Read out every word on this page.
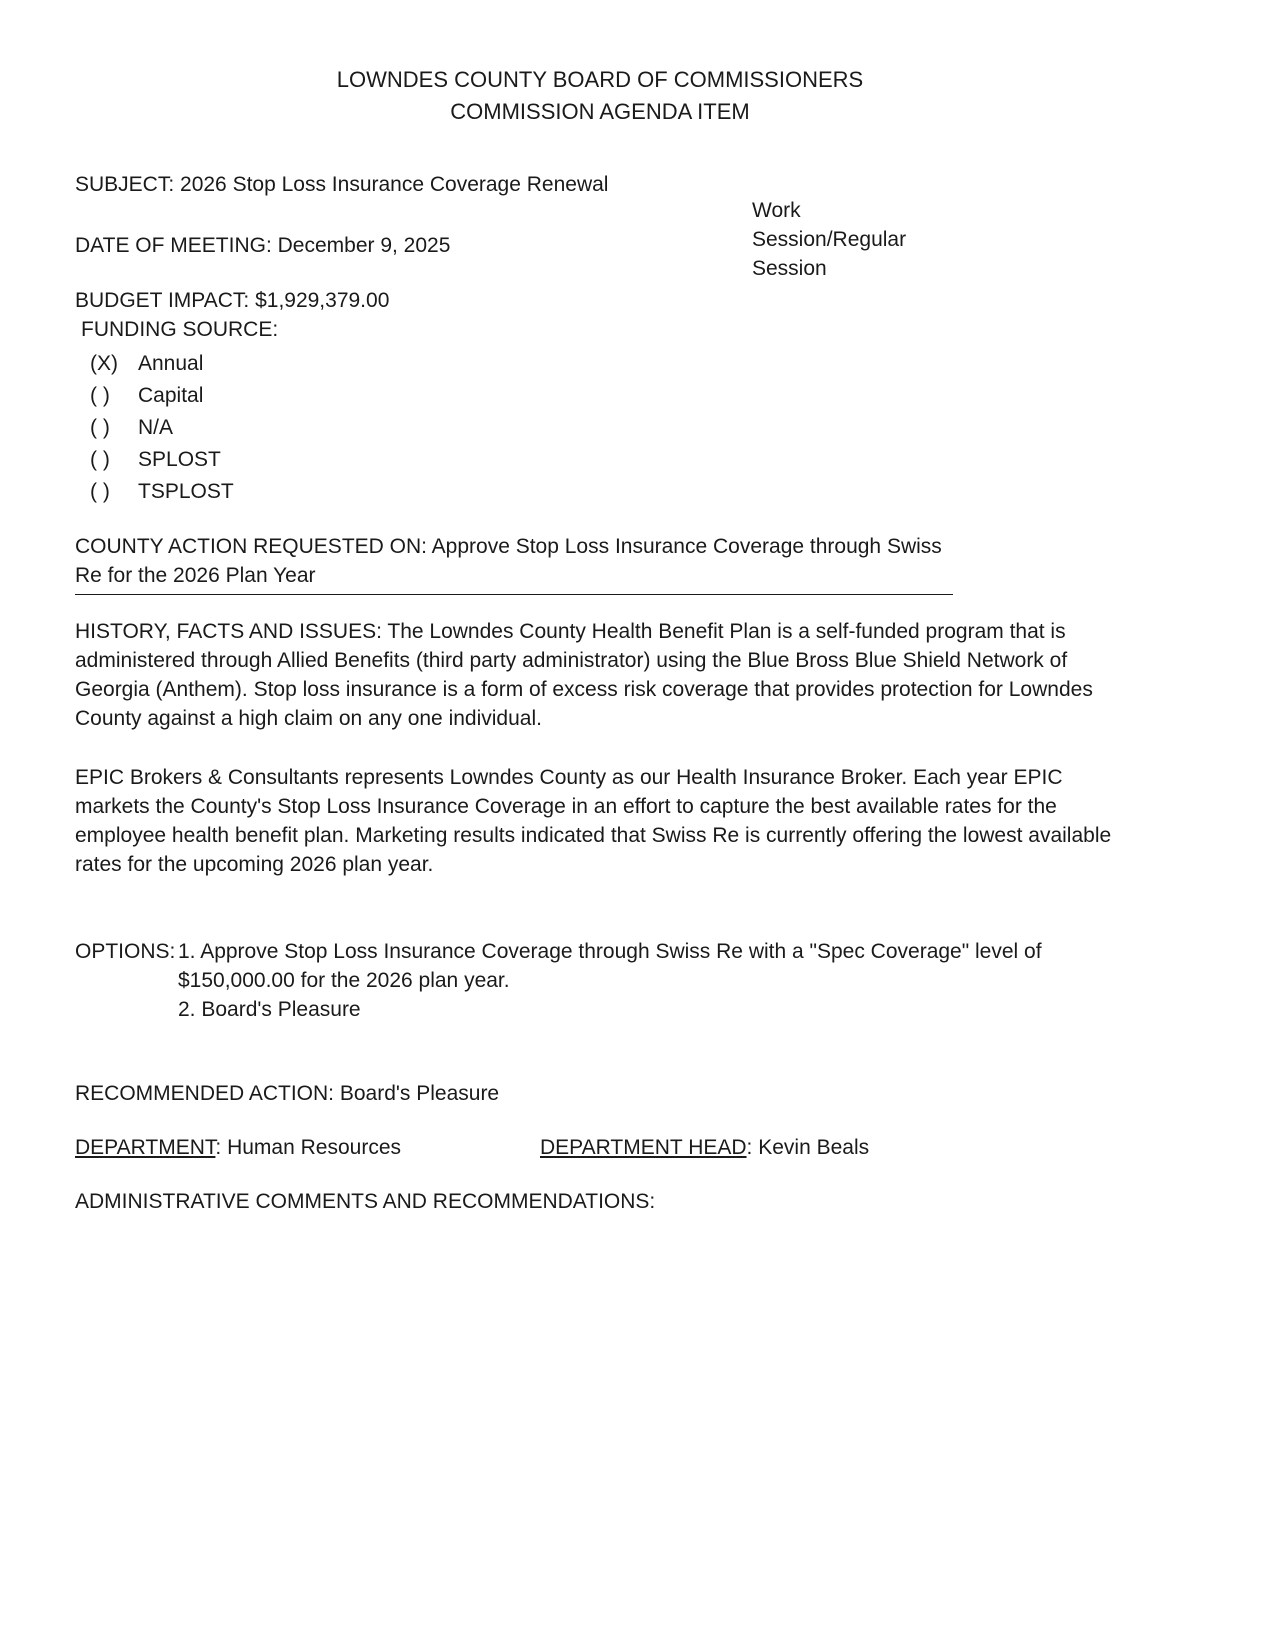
LOWNDES COUNTY BOARD OF COMMISSIONERS
COMMISSION AGENDA ITEM
SUBJECT: 2026 Stop Loss Insurance Coverage Renewal
Work
Session/Regular
Session
DATE OF MEETING: December 9, 2025
BUDGET IMPACT: $1,929,379.00
FUNDING SOURCE:
(X) Annual
( ) Capital
( ) N/A
( ) SPLOST
( ) TSPLOST
COUNTY ACTION REQUESTED ON: Approve Stop Loss Insurance Coverage through Swiss Re for the 2026 Plan Year
HISTORY, FACTS AND ISSUES: The Lowndes County Health Benefit Plan is a self-funded program that is administered through Allied Benefits (third party administrator) using the Blue Bross Blue Shield Network of Georgia (Anthem). Stop loss insurance is a form of excess risk coverage that provides protection for Lowndes County against a high claim on any one individual.
EPIC Brokers & Consultants represents Lowndes County as our Health Insurance Broker. Each year EPIC markets the County's Stop Loss Insurance Coverage in an effort to capture the best available rates for the employee health benefit plan. Marketing results indicated that Swiss Re is currently offering the lowest available rates for the upcoming 2026 plan year.
OPTIONS: 1. Approve Stop Loss Insurance Coverage through Swiss Re with a "Spec Coverage" level of $150,000.00 for the 2026 plan year.
2. Board's Pleasure
RECOMMENDED ACTION: Board's Pleasure
DEPARTMENT: Human Resources	DEPARTMENT HEAD: Kevin Beals
ADMINISTRATIVE COMMENTS AND RECOMMENDATIONS:
